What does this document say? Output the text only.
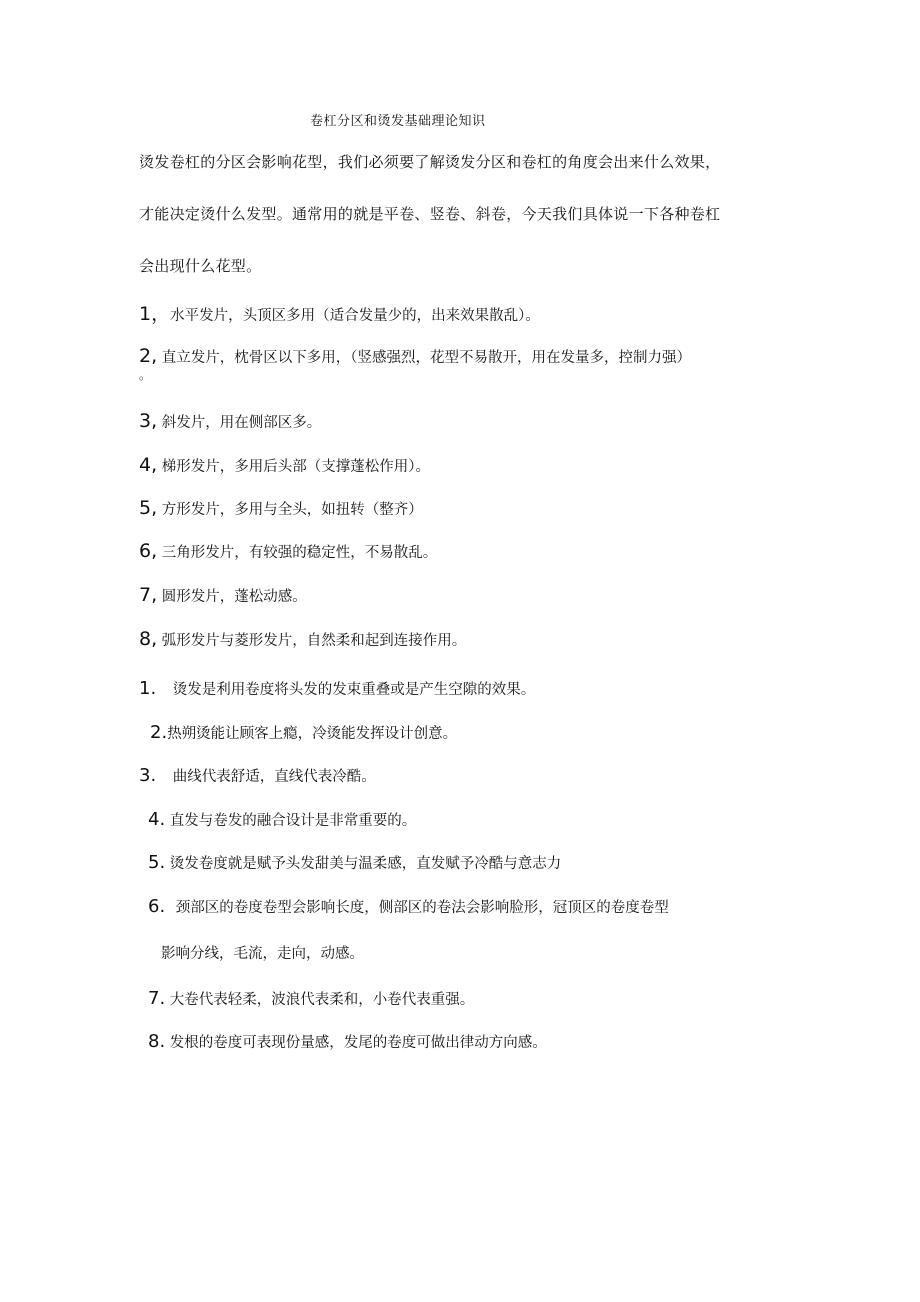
卷杠分区和烫发基础理论知识
烫发卷杠的分区会影响花型，我们必须要了解烫发分区和卷杠的角度会出来什么效果，
才能决定烫什么发型。通常用的就是平卷、竖卷、斜卷，今天我们具体说一下各种卷杠
会出现什么花型。
1，水平发片，头顶区多用（适合发量少的，出来效果散乱）。
2, 直立发片，枕骨区以下多用，（竖感强烈，花型不易散开，用在发量多，控制力强）
。
3, 斜发片，用在侧部区多。
4, 梯形发片，多用后头部（支撑蓬松作用）。
5, 方形发片，多用与全头，如扭转（整齐）
6, 三角形发片，有较强的稳定性，不易散乱。
7, 圆形发片，蓬松动感。
8, 弧形发片与菱形发片，自然柔和起到连接作用。
1. 烫发是利用卷度将头发的发束重叠或是产生空隙的效果。
2.热朔烫能让顾客上瘾，冷烫能发挥设计创意。
3. 曲线代表舒适，直线代表冷酷。
4. 直发与卷发的融合设计是非常重要的。
5. 烫发卷度就是赋予头发甜美与温柔感，直发赋予冷酷与意志力
6. 颈部区的卷度卷型会影响长度，侧部区的卷法会影响脸形，冠顶区的卷度卷型
影响分线，毛流，走向，动感。
7. 大卷代表轻柔，波浪代表柔和，小卷代表重强。
8. 发根的卷度可表现份量感，发尾的卷度可做出律动方向感。
